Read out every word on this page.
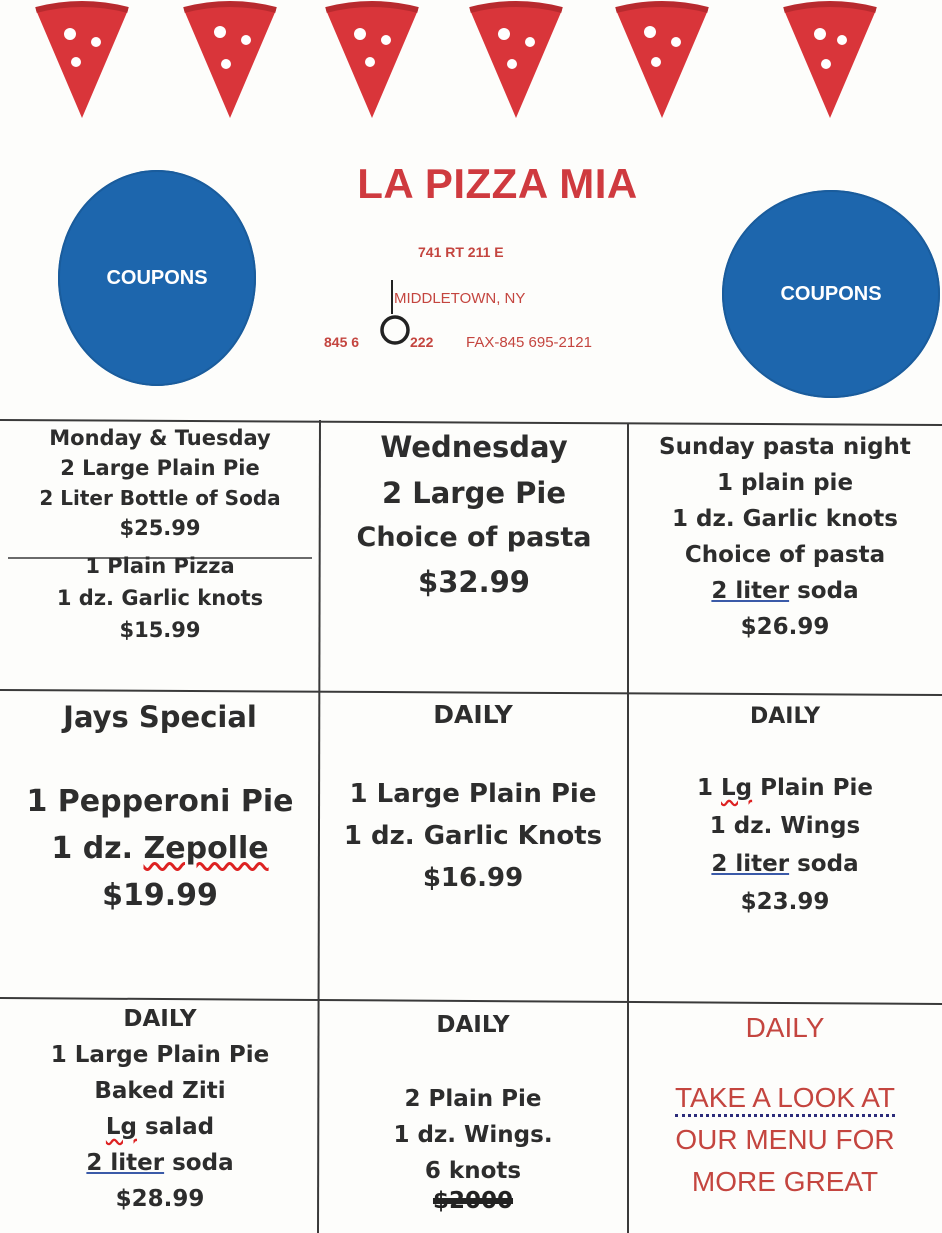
LA PIZZA MIA
COUPONS
COUPONS
741 RT 211 E
MIDDLETOWN, NY
845 6	222 FAX-845 695-2121
Monday & Tuesday
2 Large Plain Pie
2 Liter Bottle of Soda
$25.99
1 Plain Pizza
1 dz. Garlic knots
$15.99
Wednesday
2 Large Pie
Choice of pasta
$32.99
Sunday pasta night
1 plain pie
1 dz. Garlic knots
Choice of pasta
2 liter soda
$26.99
Jays Special
1 Pepperoni Pie
1 dz. Zepolle
$19.99
DAILY
1 Large Plain Pie
1 dz. Garlic Knots
$16.99
DAILY
1 Lg Plain Pie
1 dz. Wings
2 liter soda
$23.99
DAILY
1 Large Plain Pie
Baked Ziti
Lg salad
2 liter soda
$28.99
DAILY
2 Plain Pie
1 dz. Wings.
6 knots
$2000
DAILY
TAKE A LOOK AT
OUR MENU FOR
MORE GREAT
